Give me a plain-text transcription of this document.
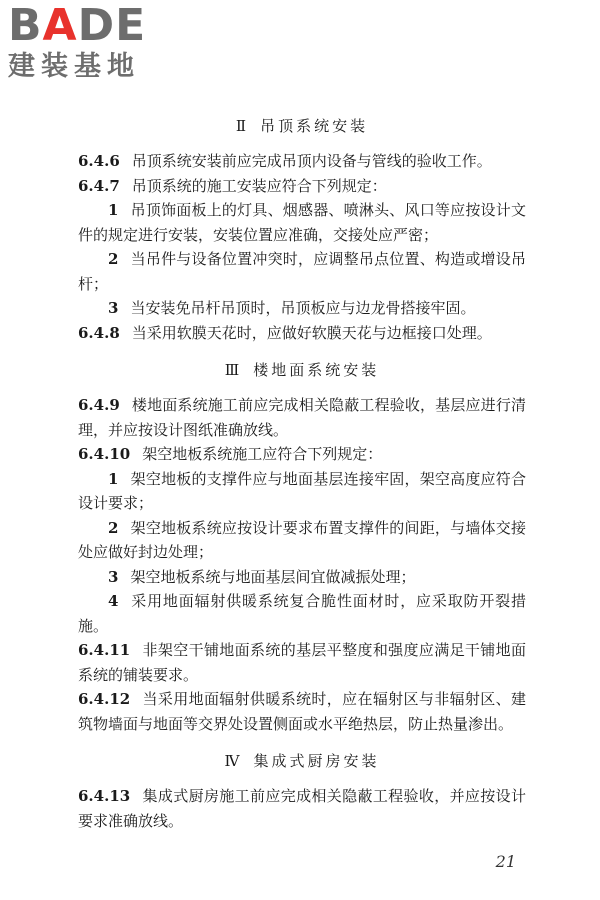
BADE
建装基地
Ⅱ 吊顶系统安装

6.4.6 吊顶系统安装前应完成吊顶内设备与管线的验收工作。

6.4.7 吊顶系统的施工安装应符合下列规定：

1 吊顶饰面板上的灯具、烟感器、喷淋头、风口等应按设计文件的规定进行安装，安装位置应准确，交接处应严密；

2 当吊件与设备位置冲突时，应调整吊点位置、构造或增设吊杆；

3 当安装免吊杆吊顶时，吊顶板应与边龙骨搭接牢固。

6.4.8 当采用软膜天花时，应做好软膜天花与边框接口处理。

Ⅲ 楼地面系统安装

6.4.9 楼地面系统施工前应完成相关隐蔽工程验收，基层应进行清理，并应按设计图纸准确放线。

6.4.10 架空地板系统施工应符合下列规定：

1 架空地板的支撑件应与地面基层连接牢固，架空高度应符合设计要求；

2 架空地板系统应按设计要求布置支撑件的间距，与墙体交接处应做好封边处理；

3 架空地板系统与地面基层间宜做减振处理；

4 采用地面辐射供暖系统复合脆性面材时，应采取防开裂措施。

6.4.11 非架空干铺地面系统的基层平整度和强度应满足干铺地面系统的铺装要求。

6.4.12 当采用地面辐射供暖系统时，应在辐射区与非辐射区、建筑物墙面与地面等交界处设置侧面或水平绝热层，防止热量渗出。

Ⅳ 集成式厨房安装

6.4.13 集成式厨房施工前应完成相关隐蔽工程验收，并应按设计要求准确放线。

21
